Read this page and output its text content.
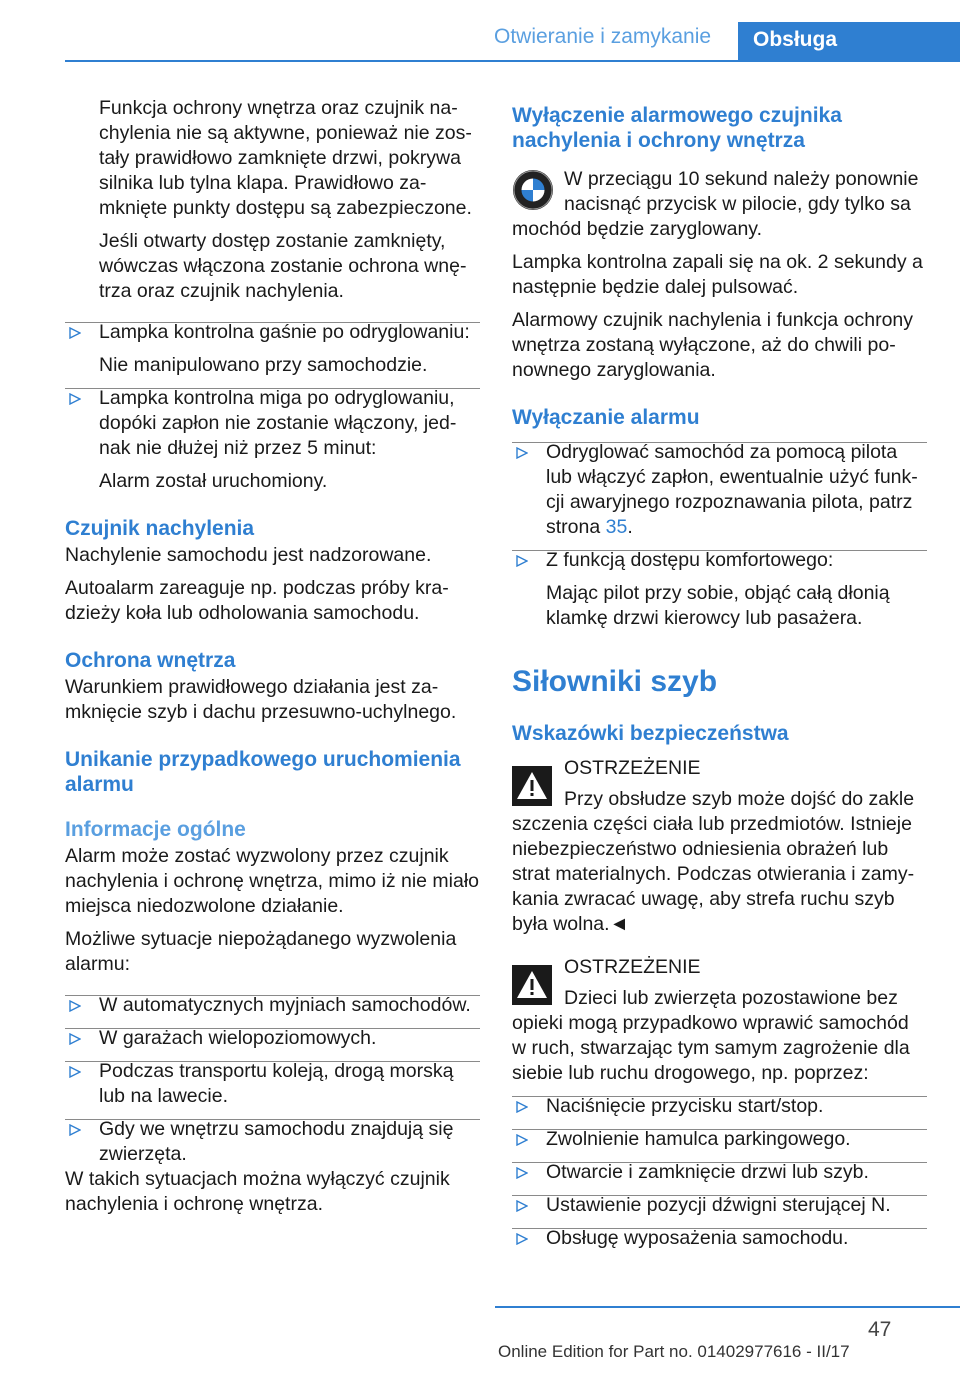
Otwieranie i zamykanie	Obsługa

Funkcja ochrony wnętrza oraz czujnik nachylenia nie są aktywne, ponieważ nie zostały prawidłowo zamknięte drzwi, pokrywa silnika lub tylna klapa. Prawidłowo zamknięte punkty dostępu są zabezpieczone.

Jeśli otwarty dostęp zostanie zamknięty, wówczas włączona zostanie ochrona wnętrza oraz czujnik nachylenia.

Lampka kontrolna gaśnie po odryglowaniu:
Nie manipulowano przy samochodzie.
Lampka kontrolna miga po odryglowaniu, dopóki zapłon nie zostanie włączony, jednak nie dłużej niż przez 5 minut:
Alarm został uruchomiony.
Czujnik nachylenia

Nachylenie samochodu jest nadzorowane.

Autoalarm zareaguje np. podczas próby kradzieży koła lub odholowania samochodu.

Ochrona wnętrza

Warunkiem prawidłowego działania jest zamknięcie szyb i dachu przesuwno-uchylnego.

Unikanie przypadkowego uruchomienia alarmu
Informacje ogólne

Alarm może zostać wyzwolony przez czujnik nachylenia i ochronę wnętrza, mimo iż nie miało miejsca niedozwolone działanie.

Możliwe sytuacje niepożądanego wyzwolenia alarmu:

W automatycznych myjniach samochodów.
W garażach wielopoziomowych.
Podczas transportu koleją, drogą morską lub na lawecie.
Gdy we wnętrzu samochodu znajdują się zwierzęta.

W takich sytuacjach można wyłączyć czujnik nachylenia i ochronę wnętrza.

Wyłączenie alarmowego czujnika nachylenia i ochrony wnętrza
W przeciągu 10 sekund należy ponownie nacisnąć przycisk w pilocie, gdy tylko sa

mochód będzie zaryglowany.

Lampka kontrolna zapali się na ok. 2 sekundy a następnie będzie dalej pulsować.

Alarmowy czujnik nachylenia i funkcja ochrony wnętrza zostaną wyłączone, aż do chwili ponownego zaryglowania.

Wyłączanie alarmu
Odryglować samochód za pomocą pilota lub włączyć zapłon, ewentualnie użyć funkcji awaryjnego rozpoznawania pilota, patrz strona 35.
Z funkcją dostępu komfortowego:
Mając pilot przy sobie, objąć całą dłonią klamkę drzwi kierowcy lub pasażera.
Siłowniki szyb
Wskazówki bezpieczeństwa
OSTRZEŻENIE
Przy obsłudze szyb może dojść do zakle

szczenia części ciała lub przedmiotów. Istnieje niebezpieczeństwo odniesienia obrażeń lub strat materialnych. Podczas otwierania i zamykania zwracać uwagę, aby strefa ruchu szyb była wolna.◄

OSTRZEŻENIE
Dzieci lub zwierzęta pozostawione bez

opieki mogą przypadkowo wprawić samochód w ruch, stwarzając tym samym zagrożenie dla siebie lub ruchu drogowego, np. poprzez:

Naciśnięcie przycisku start/stop.
Zwolnienie hamulca parkingowego.
Otwarcie i zamknięcie drzwi lub szyb.
Ustawienie pozycji dźwigni sterującej N.
Obsługę wyposażenia samochodu.
47
Online Edition for Part no. 01402977616 - II/17
